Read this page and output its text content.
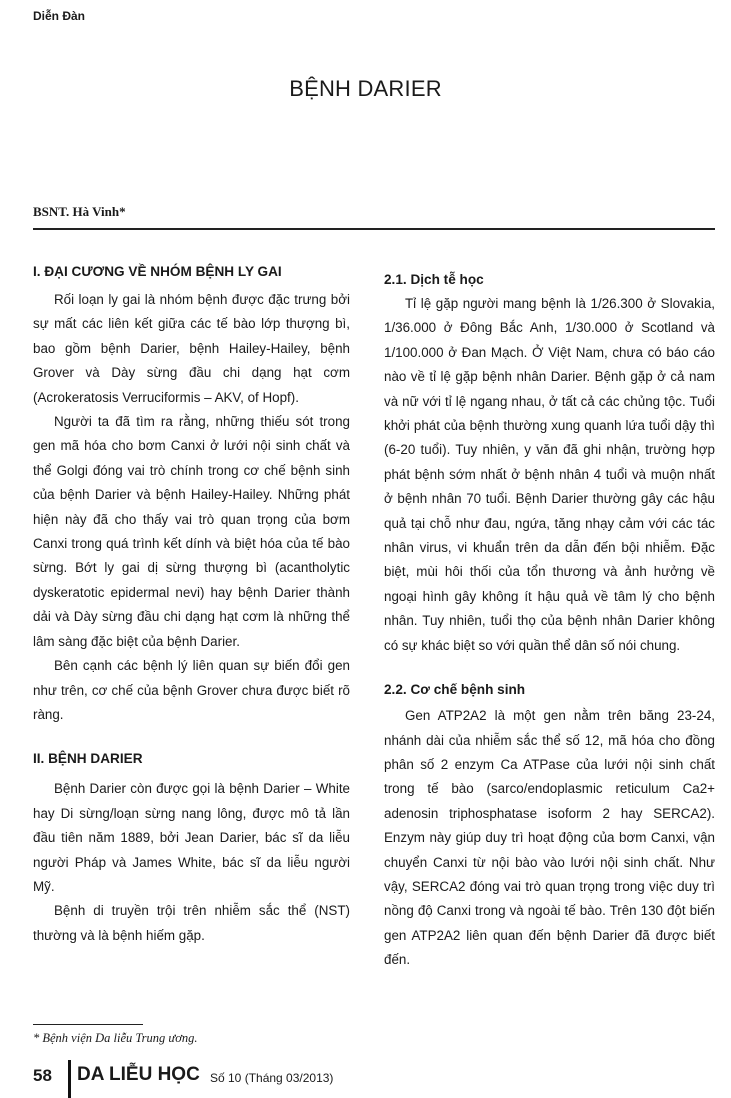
Diễn Đàn
BỆNH DARIER
BSNT. Hà Vinh*
I. ĐẠI CƯƠNG VỀ NHÓM BỆNH LY GAI

Rối loạn ly gai là nhóm bệnh được đặc trưng bởi sự mất các liên kết giữa các tế bào lớp thượng bì, bao gồm bệnh Darier, bệnh Hailey-Hailey, bệnh Grover và Dày sừng đầu chi dạng hạt cơm (Acrokeratosis Verruciformis – AKV, of Hopf).

Người ta đã tìm ra rằng, những thiếu sót trong gen mã hóa cho bơm Canxi ở lưới nội sinh chất và thể Golgi đóng vai trò chính trong cơ chế bệnh sinh của bệnh Darier và bệnh Hailey-Hailey. Những phát hiện này đã cho thấy vai trò quan trọng của bơm Canxi trong quá trình kết dính và biệt hóa của tế bào sừng. Bớt ly gai dị sừng thượng bì (acantholytic dyskeratotic epidermal nevi) hay bệnh Darier thành dải và Dày sừng đầu chi dạng hạt cơm là những thể lâm sàng đặc biệt của bệnh Darier.

Bên cạnh các bệnh lý liên quan sự biến đổi gen như trên, cơ chế của bệnh Grover chưa được biết rõ ràng.

II. BỆNH DARIER

Bệnh Darier còn được gọi là bệnh Darier – White hay Di sừng/loạn sừng nang lông, được mô tả lần đầu tiên năm 1889, bởi Jean Darier, bác sĩ da liễu người Pháp và James White, bác sĩ da liễu người Mỹ.

Bệnh di truyền trội trên nhiễm sắc thể (NST) thường và là bệnh hiếm gặp.

2.1. Dịch tễ học

Tỉ lệ gặp người mang bệnh là 1/26.300 ở Slovakia, 1/36.000 ở Đông Bắc Anh, 1/30.000 ở Scotland và 1/100.000 ở Đan Mạch. Ở Việt Nam, chưa có báo cáo nào về tỉ lệ gặp bệnh nhân Darier. Bệnh gặp ở cả nam và nữ với tỉ lệ ngang nhau, ở tất cả các chủng tộc. Tuổi khởi phát của bệnh thường xung quanh lứa tuổi dậy thì (6-20 tuổi). Tuy nhiên, y văn đã ghi nhận, trường hợp phát bệnh sớm nhất ở bệnh nhân 4 tuổi và muộn nhất ở bệnh nhân 70 tuổi. Bệnh Darier thường gây các hậu quả tại chỗ như đau, ngứa, tăng nhạy cảm với các tác nhân virus, vi khuẩn trên da dẫn đến bội nhiễm. Đặc biệt, mùi hôi thối của tổn thương và ảnh hưởng về ngoại hình gây không ít hậu quả về tâm lý cho bệnh nhân. Tuy nhiên, tuổi thọ của bệnh nhân Darier không có sự khác biệt so với quần thể dân số nói chung.

2.2. Cơ chế bệnh sinh

Gen ATP2A2 là một gen nằm trên băng 23-24, nhánh dài của nhiễm sắc thể số 12, mã hóa cho đồng phân số 2 enzym Ca ATPase của lưới nội sinh chất trong tế bào (sarco/endoplasmic reticulum Ca2+ adenosin triphosphatase isoform 2 hay SERCA2). Enzym này giúp duy trì hoạt động của bơm Canxi, vận chuyển Canxi từ nội bào vào lưới nội sinh chất. Như vậy, SERCA2 đóng vai trò quan trọng trong việc duy trì nồng độ Canxi trong và ngoài tế bào. Trên 130 đột biến gen ATP2A2 liên quan đến bệnh Darier đã được biết đến.

* Bệnh viện Da liễu Trung ương.
58 DA LIỄU HỌC Số 10 (Tháng 03/2013)
